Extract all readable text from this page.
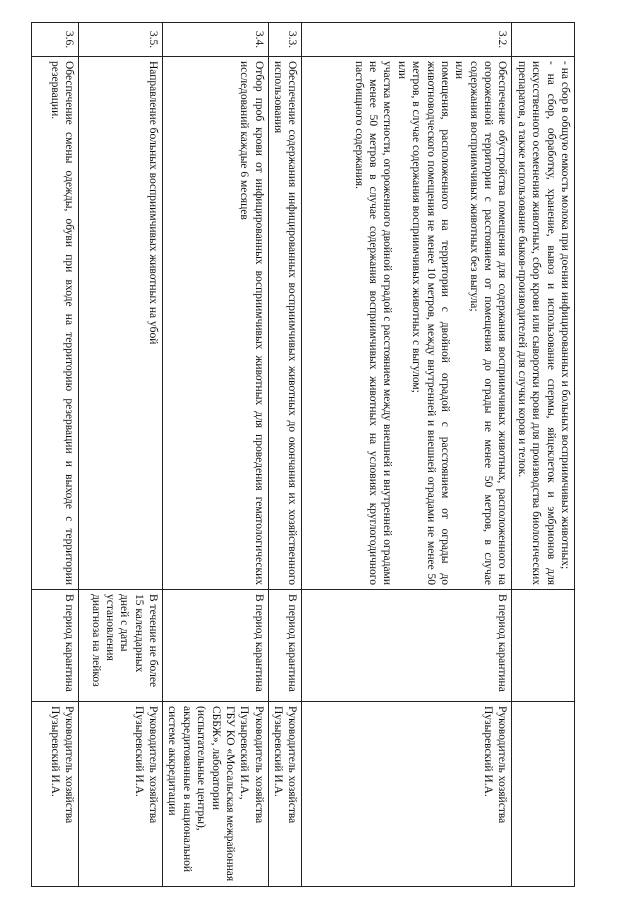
	- на сбор в общую емкость молока при доении инфицированных и больных восприимчивых животных;
- на сбор, обработку, хранение, вывоз и использование спермы, яйцеклеток и эмбрионов для искусственного осеменения животных, сбор крови или сыворотки крови для производства биологических препаратов, а также использование быков-производителей для случки коров и телок.		

3.2.	Обеспечение обустройства помещения для содержания восприимчивых животных, расположенного на огороженной территории с расстоянием от помещения до ограды не менее 50 метров, в случае содержания восприимчивых животных без выгула;
или
помещения, расположенного на территории с двойной оградой с расстоянием от ограды до животноводческого помещения не менее 10 метров, между внутренней и внешней оградами не менее 50 метров, в случае содержания восприимчивых животных с выгулом;
или
участка местности, огороженного двойной оградой с расстоянием между внешней и внутренней оградами не менее 50 метров в случае содержания восприимчивых животных на условиях круглогодичного пастбищного содержания.	В период карантина	Руководитель хозяйства
Пузыревский И.А.

3.3.	Обеспечение содержания инфицированных восприимчивых животных до окончания их хозяйственного использования	В период карантина	Руководитель хозяйства
Пузыревский И.А.

3.4.	Отбор проб крови от инфицированных восприимчивых животных для проведения гематологических исследований каждые 6 месяцев	В период карантина	Руководитель хозяйства
Пузыревский И.А.,
ГБУ КО «Мосальская межрайонная СББЖ», лаборатории (испытательные центры), аккредитованные в национальной системе аккредитации

3.5.	Направление больных восприимчивых животных на убой	В течение не более 15 календарных дней с даты установления диагноза на лейкоз	Руководитель хозяйства
Пузыревский И.А.

3.6.	Обеспечение смены одежды, обуви при входе на территорию резервации и выходе с территории резервации.	В период карантина	Руководитель хозяйства
Пузыревский И.А.
